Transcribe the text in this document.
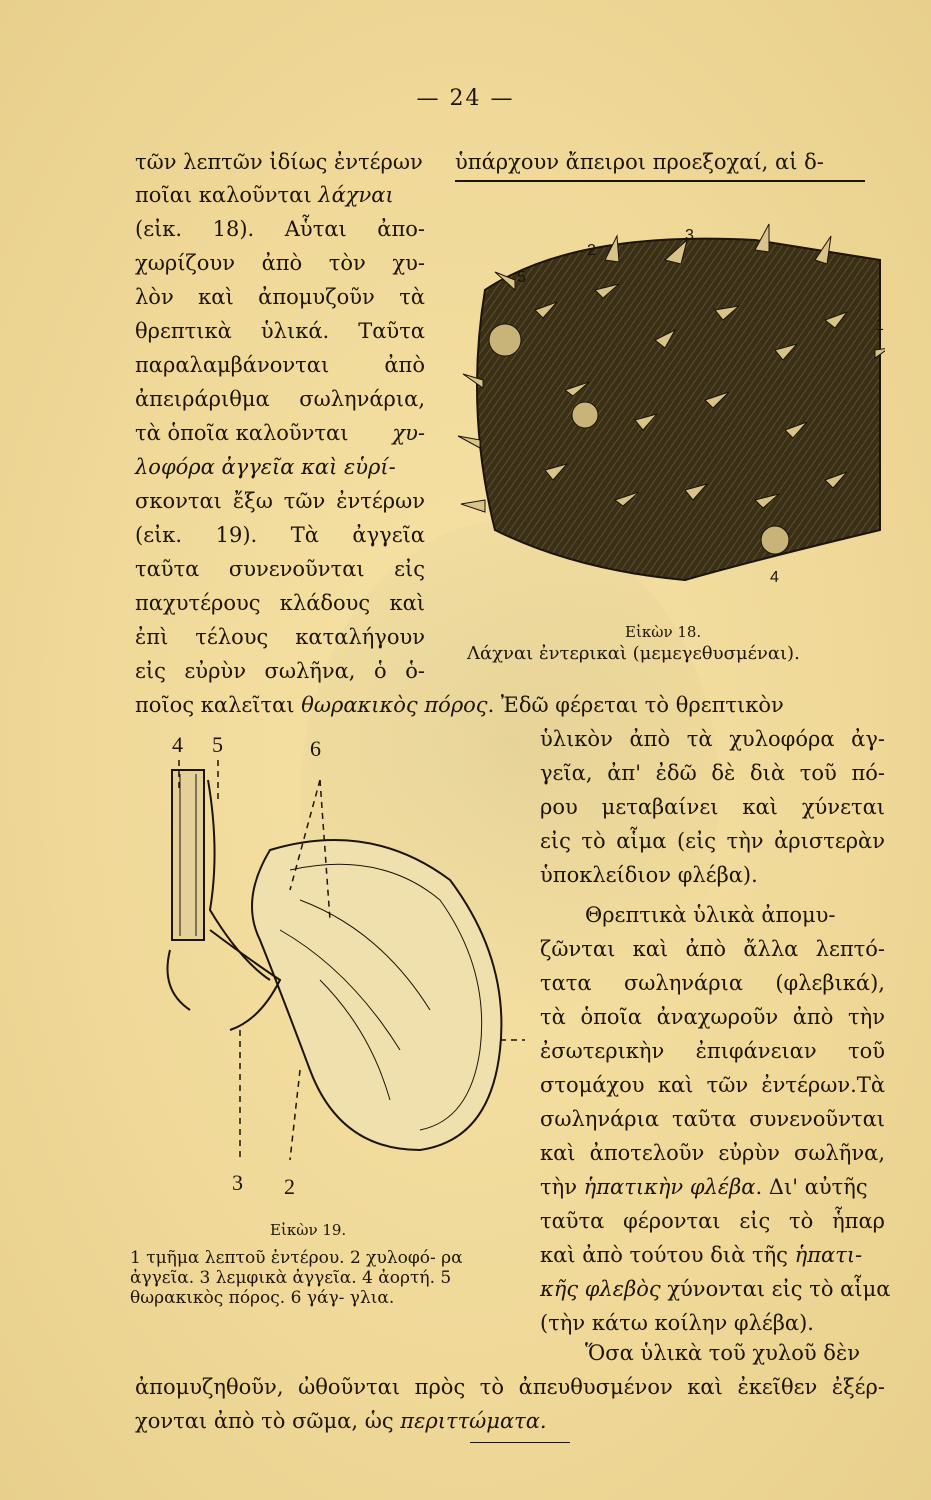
— 24 —
τῶν λεπτῶν ἰδίως ἐντέρων ὑπάρχουν ἄπειροι προεξοχαί, αἱ δ-
ποῖαι καλοῦνται λάχναι
(εἰκ. 18). Αὗται ἀπο-
χωρίζουν ἀπὸ τὸν χυ-
λὸν καὶ ἀπομυζοῦν τὰ
θρεπτικὰ ὑλικά. Ταῦτα
παραλαμβάνονται ἀπὸ
ἀπειράριθμα σωληνάρια,
τὰ ὁποῖα καλοῦνται χυ-
λοφόρα ἀγγεῖα καὶ εὑρί-
σκονται ἔξω τῶν ἐντέρων
(εἰκ. 19). Τὰ ἀγγεῖα
ταῦτα συνενοῦνται εἰς
παχυτέρους κλάδους καὶ
ἐπὶ τέλους καταλήγουν
εἰς εὐρὺν σωλῆνα, ὁ ὁ-
1
2
3
4
5
Εἰκὼν 18.
Λάχναι ἐντερικαὶ (μεμεγεθυσμέναι).
ποῖος καλεῖται θωρακικὸς πόρος. Ἐδῶ φέρεται τὸ θρεπτικὸν
ὑλικὸν ἀπὸ τὰ χυλοφόρα ἀγ-
γεῖα, ἀπ' ἐδῶ δὲ διὰ τοῦ πό-
ρου μεταβαίνει καὶ χύνεται
εἰς τὸ αἷμα (εἰς τὴν ἀριστερὰν
ὑποκλείδιον φλέβα).
Θρεπτικὰ ὑλικὰ ἀπομυ-
ζῶνται καὶ ἀπὸ ἄλλα λεπτό-
τατα σωληνάρια (φλεβικά),
τὰ ὁποῖα ἀναχωροῦν ἀπὸ τὴν
ἐσωτερικὴν ἐπιφάνειαν τοῦ
στομάχου καὶ τῶν ἐντέρων.Τὰ
σωληνάρια ταῦτα συνενοῦνται
καὶ ἀποτελοῦν εὐρὺν σωλῆνα,
τὴν ἡπατικὴν φλέβα. Δι' αὐτῆς
ταῦτα φέρονται εἰς τὸ ἧπαρ
καὶ ἀπὸ τούτου διὰ τῆς ἡπατι-
κῆς φλεβὸς χύνονται εἰς τὸ αἷμα
(τὴν κάτω κοίλην φλέβα).
4 5	6
3 2
Εἰκὼν 19.
1 τμῆμα λεπτοῦ ἐντέρου. 2 χυλοφό- ρα ἀγγεῖα. 3 λεμφικὰ ἀγγεῖα. 4 ἀορτή. 5 θωρακικὸς πόρος. 6 γάγ- γλια.
Ὅσα ὑλικὰ τοῦ χυλοῦ δὲν
ἀπομυζηθοῦν, ὠθοῦνται πρὸς τὸ ἀπευθυσμένον καὶ ἐκεῖθεν ἐξέρ-
χονται ἀπὸ τὸ σῶμα, ὡς περιττώματα.
